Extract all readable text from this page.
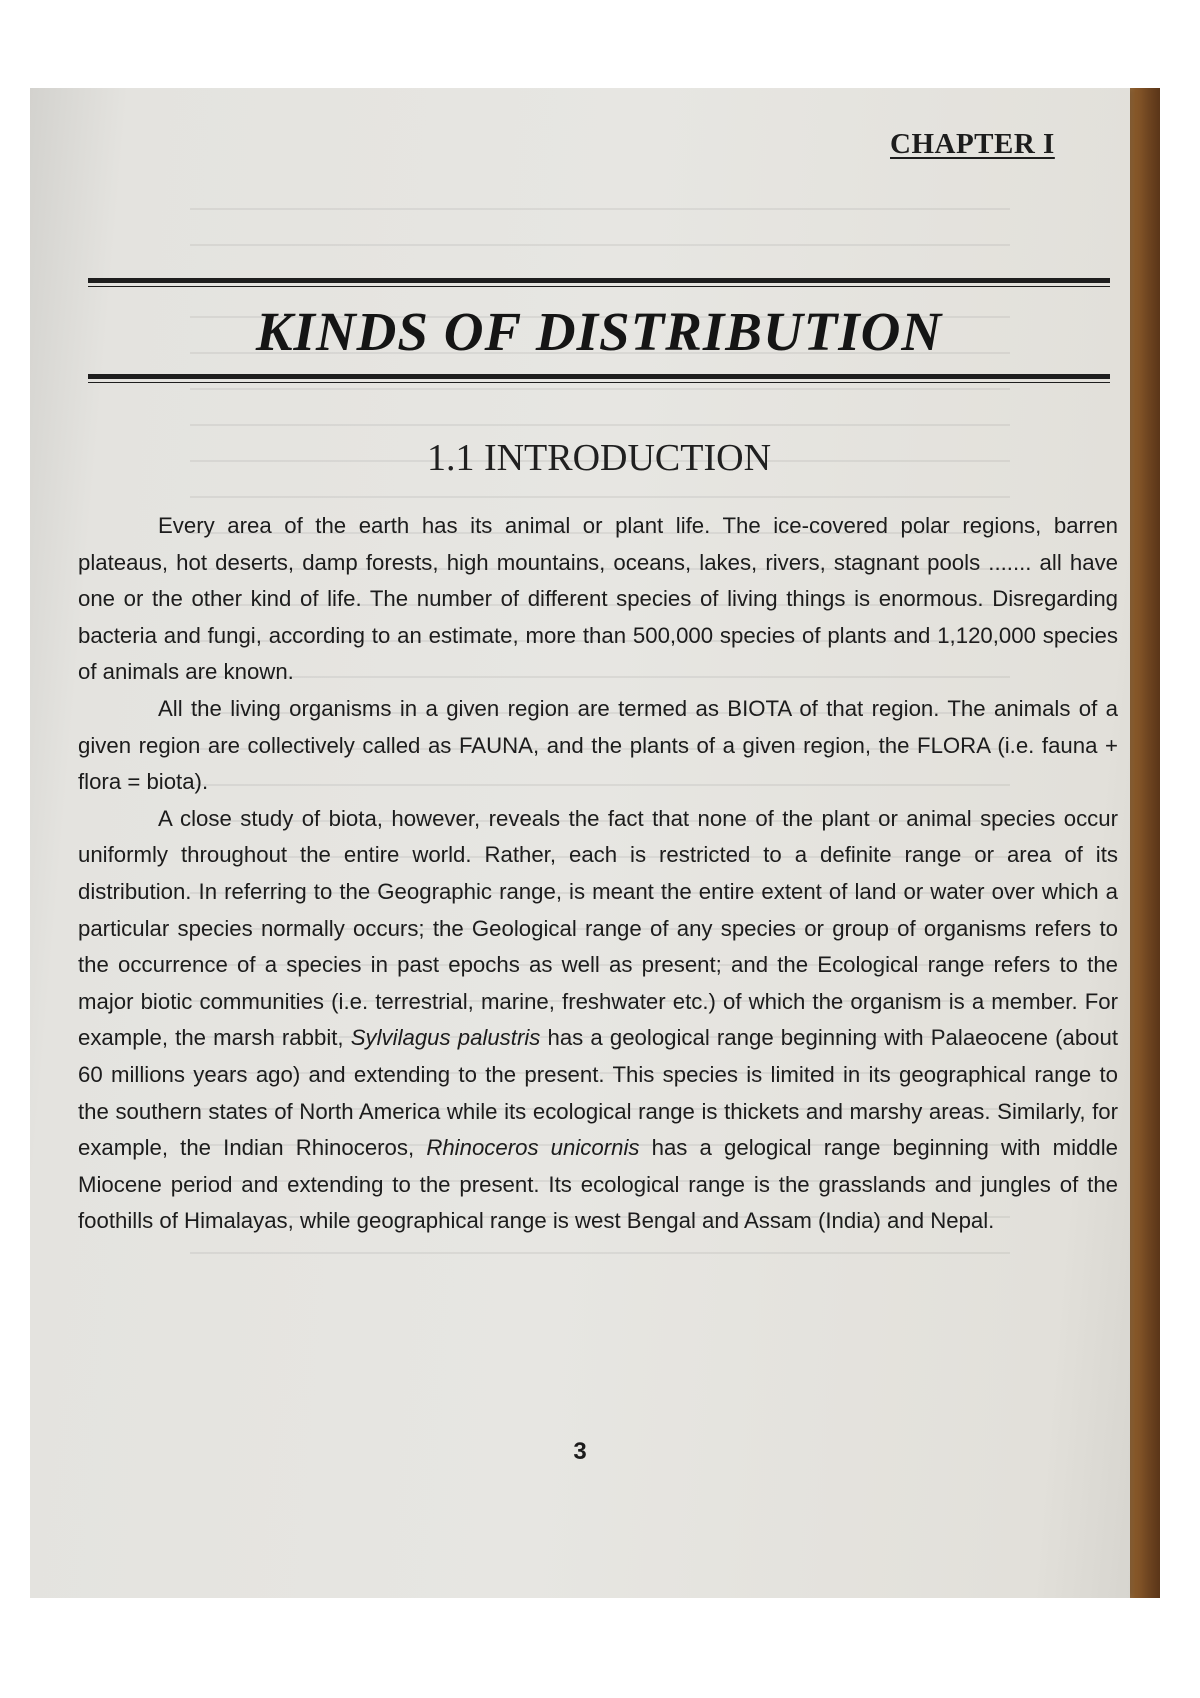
CHAPTER I
KINDS OF DISTRIBUTION
1.1 INTRODUCTION

Every area of the earth has its animal or plant life. The ice-covered polar regions, barren plateaus, hot deserts, damp forests, high mountains, oceans, lakes, rivers, stagnant pools ....... all have one or the other kind of life. The number of different species of living things is enormous. Disregarding bacteria and fungi, according to an estimate, more than 500,000 species of plants and 1,120,000 species of animals are known.

All the living organisms in a given region are termed as BIOTA of that region. The animals of a given region are collectively called as FAUNA, and the plants of a given region, the FLORA (i.e. fauna + flora = biota).

A close study of biota, however, reveals the fact that none of the plant or animal species occur uniformly throughout the entire world. Rather, each is restricted to a definite range or area of its distribution. In referring to the Geographic range, is meant the entire extent of land or water over which a particular species normally occurs; the Geological range of any species or group of organisms refers to the occurrence of a species in past epochs as well as present; and the Ecological range refers to the major biotic communities (i.e. terrestrial, marine, freshwater etc.) of which the organism is a member. For example, the marsh rabbit, Sylvilagus palustris has a geological range beginning with Palaeocene (about 60 millions years ago) and extending to the present. This species is limited in its geographical range to the southern states of North America while its ecological range is thickets and marshy areas. Similarly, for example, the Indian Rhinoceros, Rhinoceros unicornis has a gelogical range beginning with middle Miocene period and extending to the present. Its ecological range is the grasslands and jungles of the foothills of Himalayas, while geographical range is west Bengal and Assam (India) and Nepal.

3
